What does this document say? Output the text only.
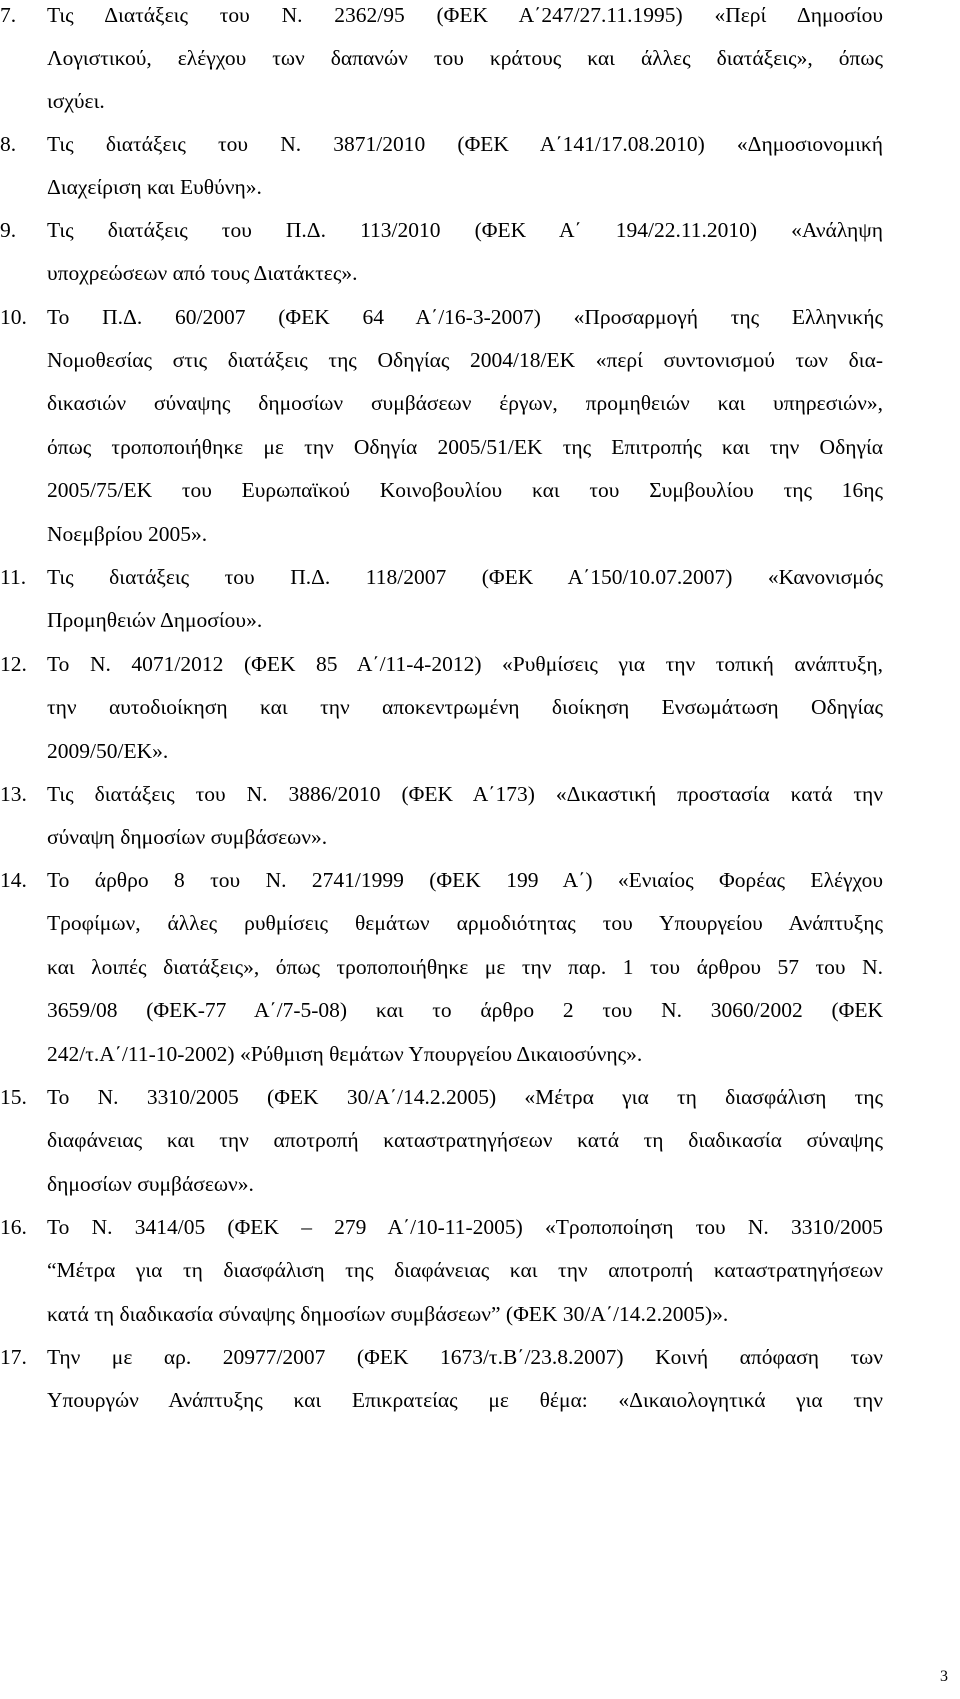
7.	Τις Διατάξεις του Ν. 2362/95 (ΦΕΚ Α΄247/27.11.1995) «Περί Δημοσίου
Λογιστικού, ελέγχου των δαπανών του κράτους και άλλες διατάξεις», όπως
ισχύει.
8.	Τις διατάξεις του Ν. 3871/2010 (ΦΕΚ Α΄141/17.08.2010) «Δημοσιονομική
Διαχείριση και Ευθύνη».
9.	Τις διατάξεις του Π.Δ. 113/2010 (ΦΕΚ Α΄ 194/22.11.2010) «Ανάληψη
υποχρεώσεων από τους Διατάκτες».
10. Το Π.Δ. 60/2007 (ΦΕΚ 64 Α΄/16-3-2007) «Προσαρμογή της Ελληνικής
Νομοθεσίας στις διατάξεις της Οδηγίας 2004/18/ΕΚ «περί συντονισμού των δια-
δικασιών σύναψης δημοσίων συμβάσεων έργων, προμηθειών και υπηρεσιών»,
όπως τροποποιήθηκε με την Οδηγία 2005/51/ΕΚ της Επιτροπής και την Οδηγία
2005/75/ΕΚ του Ευρωπαϊκού Κοινοβουλίου και του Συμβουλίου της 16ης
Νοεμβρίου 2005».
11. Τις διατάξεις του Π.Δ. 118/2007 (ΦΕΚ Α΄150/10.07.2007) «Κανονισμός
Προμηθειών Δημοσίου».
12. Το Ν. 4071/2012 (ΦΕΚ 85 Α΄/11-4-2012) «Ρυθμίσεις για την τοπική ανάπτυξη,
την αυτοδιοίκηση και την αποκεντρωμένη διοίκηση Ενσωμάτωση Οδηγίας
2009/50/ΕΚ».
13. Τις διατάξεις του Ν. 3886/2010 (ΦΕΚ Α΄173) «Δικαστική προστασία κατά την
σύναψη δημοσίων συμβάσεων».
14. Το άρθρο 8 του Ν. 2741/1999 (ΦΕΚ 199 Α΄) «Ενιαίος Φορέας Ελέγχου
Τροφίμων, άλλες ρυθμίσεις θεμάτων αρμοδιότητας του Υπουργείου Ανάπτυξης
και λοιπές διατάξεις», όπως τροποποιήθηκε με την παρ. 1 του άρθρου 57 του Ν.
3659/08 (ΦΕΚ-77 Α΄/7-5-08) και το άρθρο 2 του Ν. 3060/2002 (ΦΕΚ
242/τ.Α΄/11-10-2002) «Ρύθμιση θεμάτων Υπουργείου Δικαιοσύνης».
15. Το Ν. 3310/2005 (ΦΕΚ 30/Α΄/14.2.2005) «Μέτρα για τη διασφάλιση της
διαφάνειας και την αποτροπή καταστρατηγήσεων κατά τη διαδικασία σύναψης
δημοσίων συμβάσεων».
16. Το Ν. 3414/05 (ΦΕΚ – 279 Α΄/10-11-2005) «Τροποποίηση του Ν. 3310/2005
“Μέτρα για τη διασφάλιση της διαφάνειας και την αποτροπή καταστρατηγήσεων
κατά τη διαδικασία σύναψης δημοσίων συμβάσεων” (ΦΕΚ 30/Α΄/14.2.2005)».
17. Την με αρ. 20977/2007 (ΦΕΚ 1673/τ.Β΄/23.8.2007) Κοινή απόφαση των
Υπουργών Ανάπτυξης και Επικρατείας με θέμα: «Δικαιολογητικά για την
3
